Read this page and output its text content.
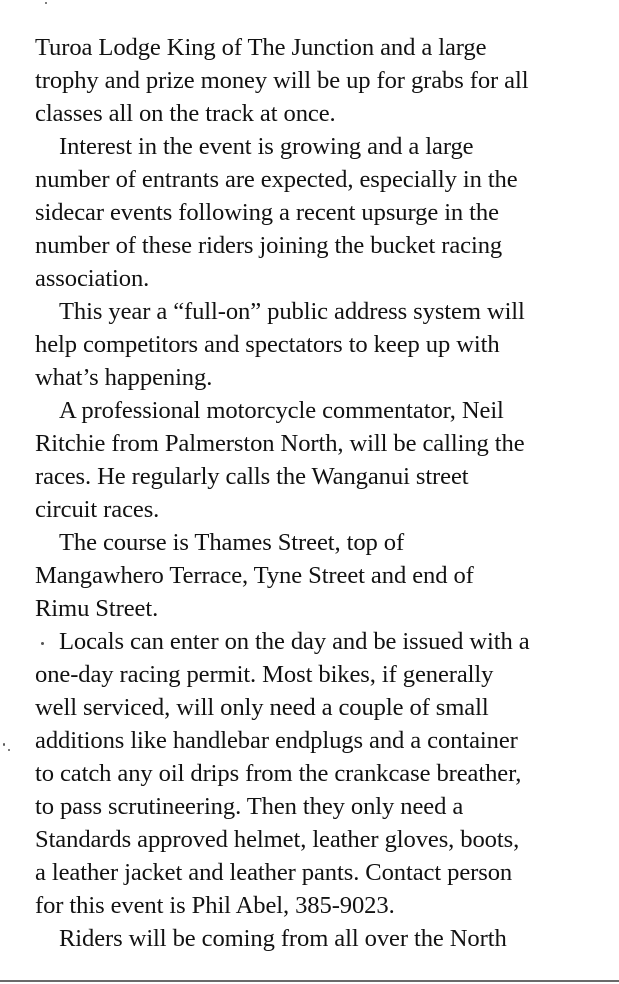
Turoa Lodge King of The Junction and a large
trophy and prize money will be up for grabs for all
classes all on the track at once.
Interest in the event is growing and a large
number of entrants are expected, especially in the
sidecar events following a recent upsurge in the
number of these riders joining the bucket racing
association.
This year a “full-on” public address system will
help competitors and spectators to keep up with
what’s happening.
A professional motorcycle commentator, Neil
Ritchie from Palmerston North, will be calling the
races. He regularly calls the Wanganui street
circuit races.
The course is Thames Street, top of
Mangawhero Terrace, Tyne Street and end of
Rimu Street.
Locals can enter on the day and be issued with a
one-day racing permit. Most bikes, if generally
well serviced, will only need a couple of small
additions like handlebar endplugs and a container
to catch any oil drips from the crankcase breather,
to pass scrutineering. Then they only need a
Standards approved helmet, leather gloves, boots,
a leather jacket and leather pants. Contact person
for this event is Phil Abel, 385-9023.
Riders will be coming from all over the North
